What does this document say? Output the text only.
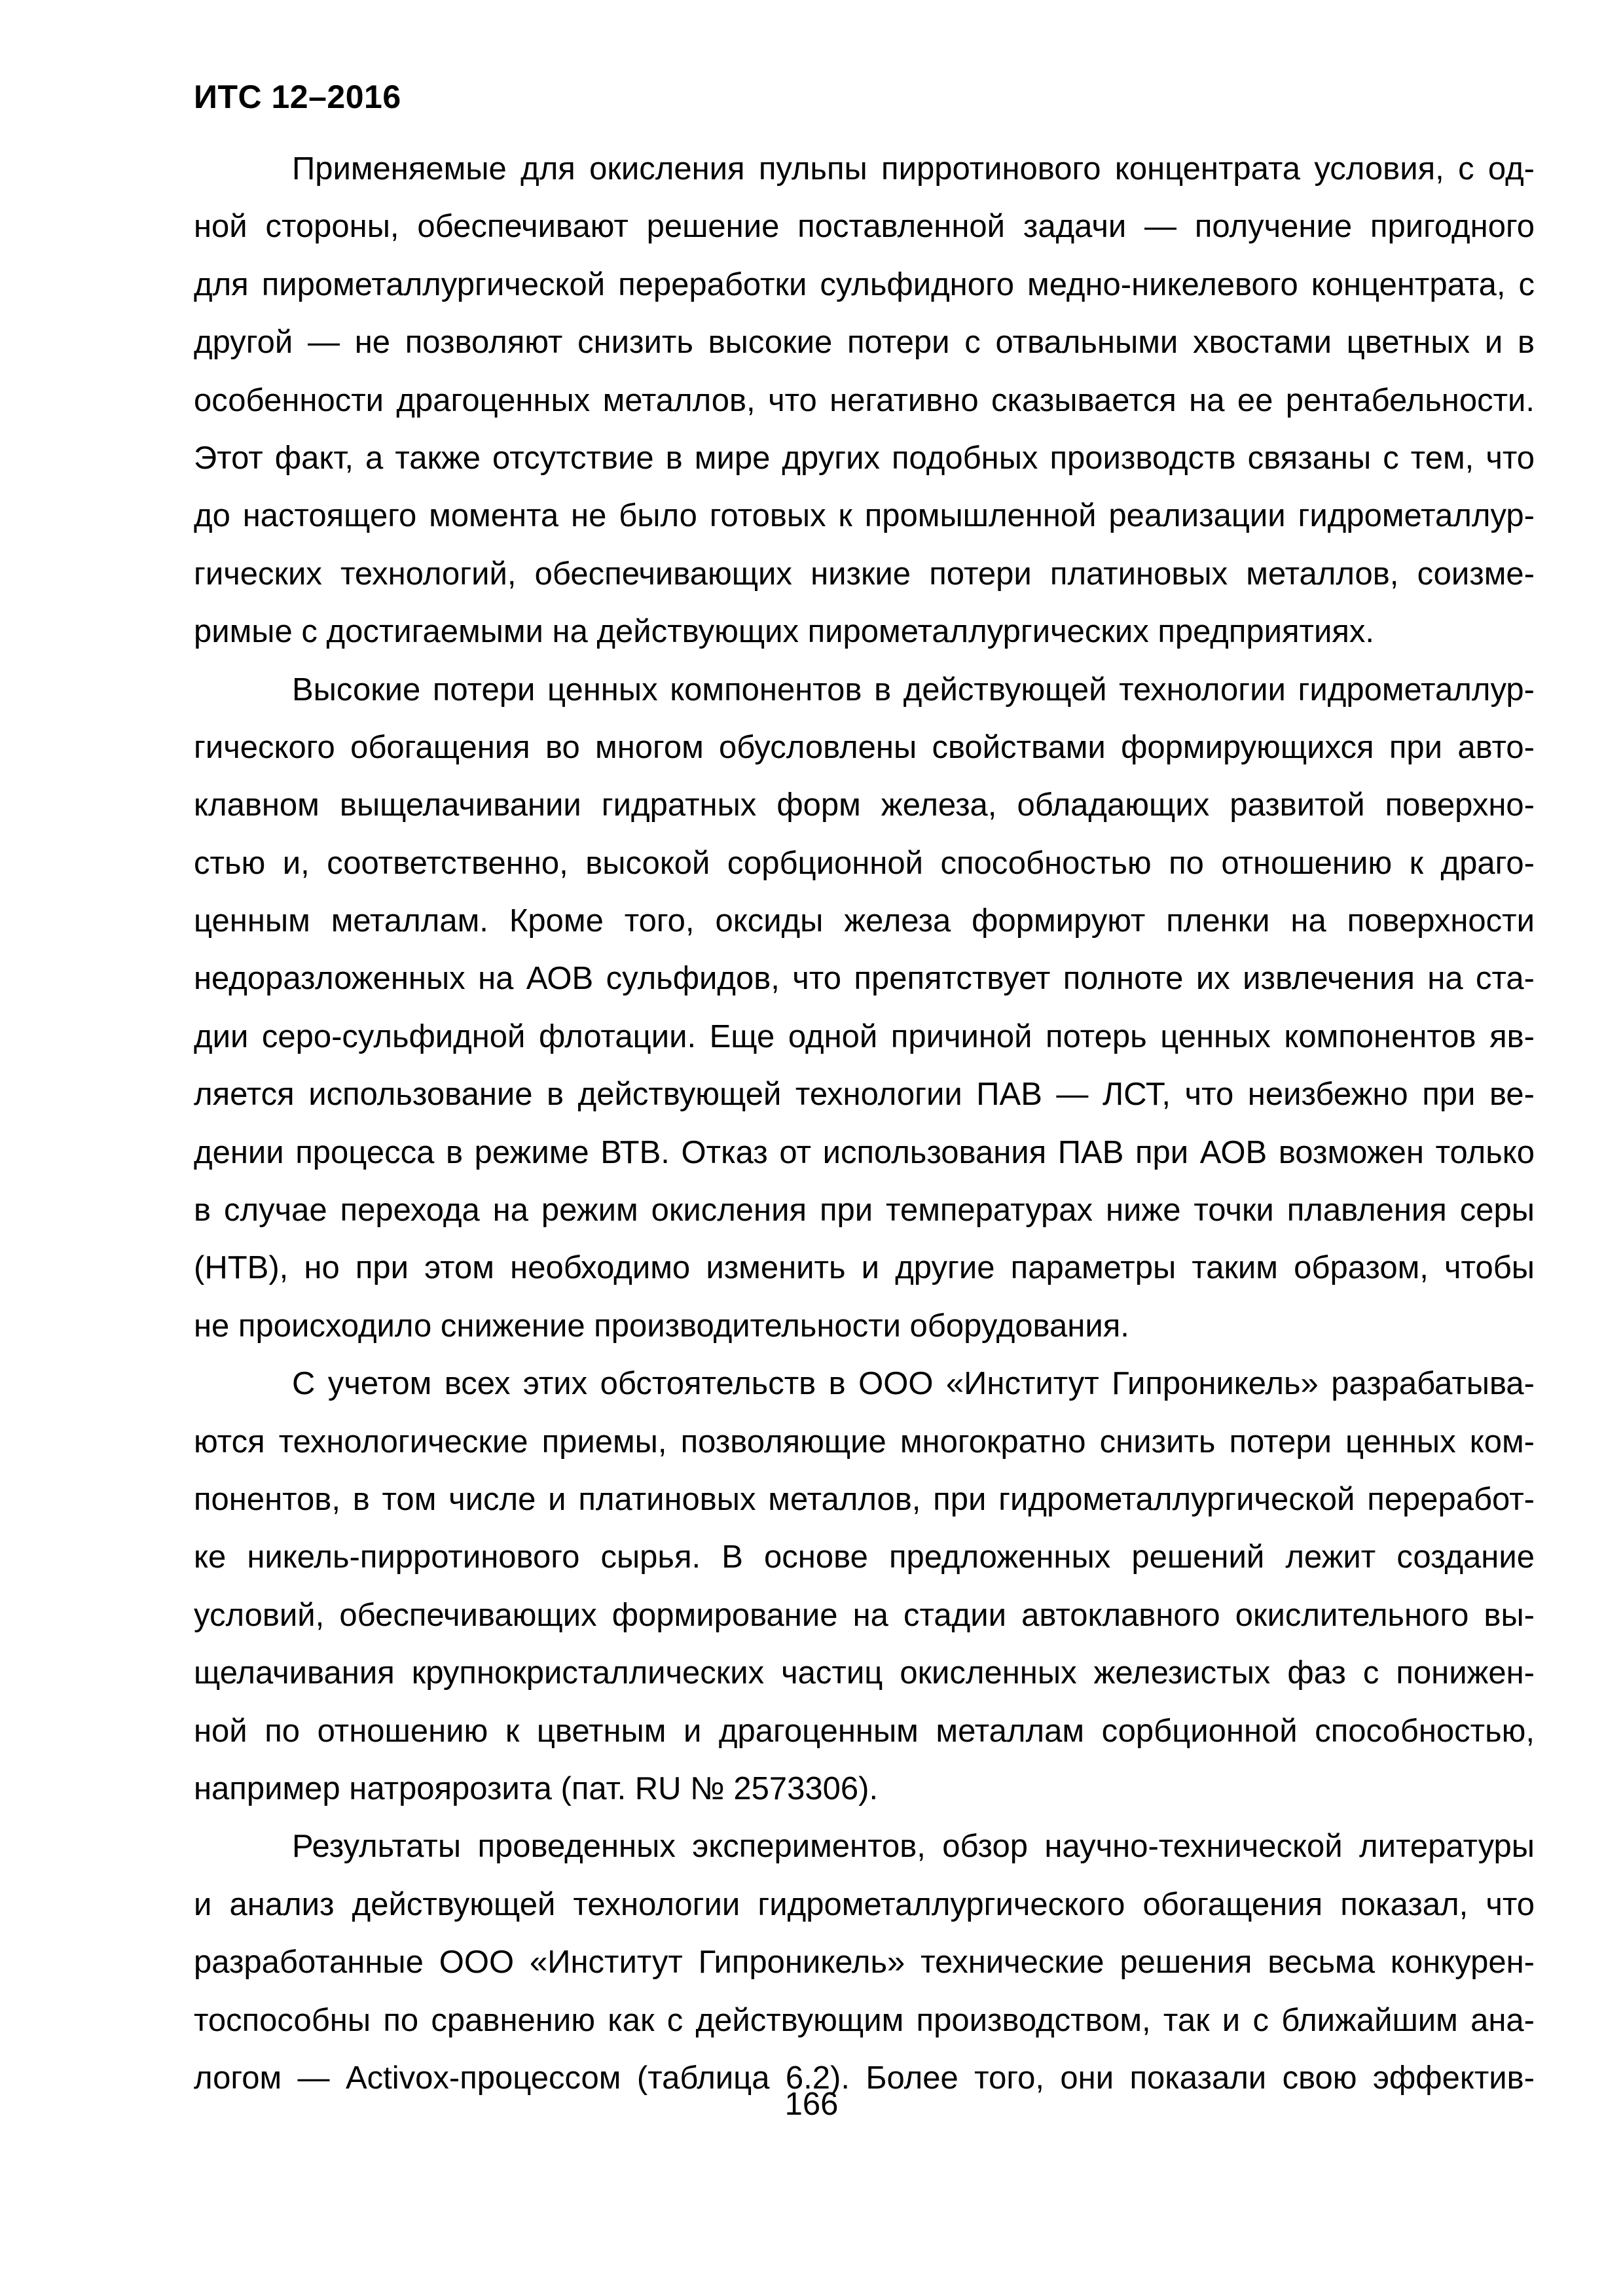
ИТС 12–2016
Применяемые для окисления пульпы пирротинового концентрата условия, с од-
ной стороны, обеспечивают решение поставленной задачи — получение пригодного
для пирометаллургической переработки сульфидного медно-никелевого концентрата, с
другой — не позволяют снизить высокие потери с отвальными хвостами цветных и в
особенности драгоценных металлов, что негативно сказывается на ее рентабельности.
Этот факт, а также отсутствие в мире других подобных производств связаны с тем, что
до настоящего момента не было готовых к промышленной реализации гидрометаллур-
гических технологий, обеспечивающих низкие потери платиновых металлов, соизме-
римые с достигаемыми на действующих пирометаллургических предприятиях.
Высокие потери ценных компонентов в действующей технологии гидрометаллур-
гического обогащения во многом обусловлены свойствами формирующихся при авто-
клавном выщелачивании гидратных форм железа, обладающих развитой поверхно-
стью и, соответственно, высокой сорбционной способностью по отношению к драго-
ценным металлам. Кроме того, оксиды железа формируют пленки на поверхности
недоразложенных на АОВ сульфидов, что препятствует полноте их извлечения на ста-
дии серо-сульфидной флотации. Еще одной причиной потерь ценных компонентов яв-
ляется использование в действующей технологии ПАВ — ЛСТ, что неизбежно при ве-
дении процесса в режиме ВТВ. Отказ от использования ПАВ при АОВ возможен только
в случае перехода на режим окисления при температурах ниже точки плавления серы
(НТВ), но при этом необходимо изменить и другие параметры таким образом, чтобы
не происходило снижение производительности оборудования.
С учетом всех этих обстоятельств в ООО «Институт Гипроникель» разрабатыва-
ются технологические приемы, позволяющие многократно снизить потери ценных ком-
понентов, в том числе и платиновых металлов, при гидрометаллургической переработ-
ке никель-пирротинового сырья. В основе предложенных решений лежит создание
условий, обеспечивающих формирование на стадии автоклавного окислительного вы-
щелачивания крупнокристаллических частиц окисленных железистых фаз с понижен-
ной по отношению к цветным и драгоценным металлам сорбционной способностью,
например натроярозита (пат. RU № 2573306).
Результаты проведенных экспериментов, обзор научно-технической литературы
и анализ действующей технологии гидрометаллургического обогащения показал, что
разработанные ООО «Институт Гипроникель» технические решения весьма конкурен-
тоспособны по сравнению как с действующим производством, так и с ближайшим ана-
логом — Activox-процессом (таблица 6.2). Более того, они показали свою эффектив-
166
